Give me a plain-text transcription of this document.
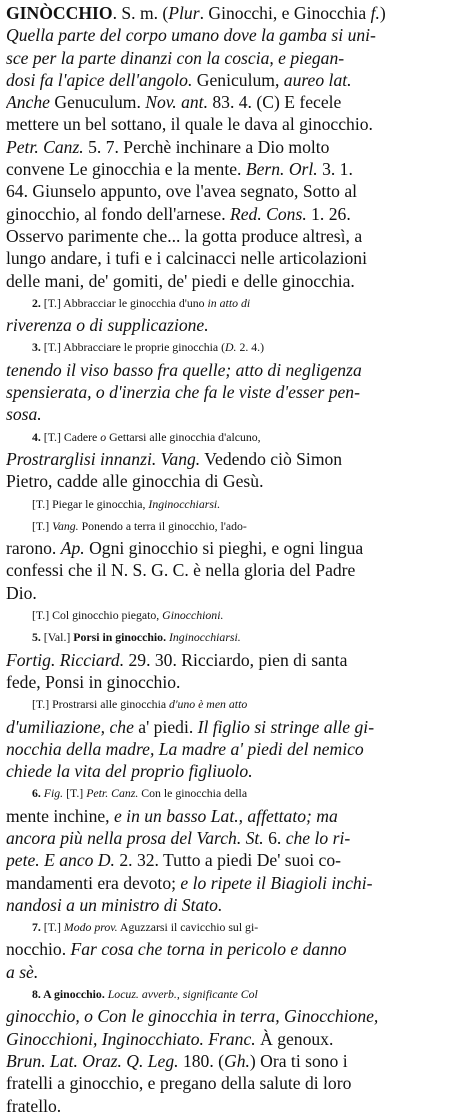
GINÒCCHIO. S. m. (Plur. Ginocchi, e Ginocchia f.)
Quella parte del corpo umano dove la gamba si uni-
sce per la parte dinanzi con la coscia, e piegan-
dosi fa l'apice dell'angolo. Geniculum, aureo lat.
Anche Genuculum. Nov. ant. 83. 4. (C) E fecele
mettere un bel sottano, il quale le dava al ginocchio.
Petr. Canz. 5. 7. Perchè inchinare a Dio molto
convene Le ginocchia e la mente. Bern. Orl. 3. 1.
64. Giunselo appunto, ove l'avea segnato, Sotto al
ginocchio, al fondo dell'arnese. Red. Cons. 1. 26.
Osservo parimente che... la gotta produce altresì, a
lungo andare, i tufi e i calcinacci nelle articolazioni
delle mani, de' gomiti, de' piedi e delle ginocchia.
2. [T.] Abbracciar le ginocchia d'uno in atto di
riverenza o di supplicazione.
3. [T.] Abbracciare le proprie ginocchia (D. 2. 4.)
tenendo il viso basso fra quelle; atto di negligenza
spensierata, o d'inerzia che fa le viste d'esser pen-
sosa.
4. [T.] Cadere o Gettarsi alle ginocchia d'alcuno,
Prostrarglisi innanzi. Vang. Vedendo ciò Simon
Pietro, cadde alle ginocchia di Gesù.
[T.] Piegar le ginocchia, Inginocchiarsi.
[T.] Vang. Ponendo a terra il ginocchio, l'ado-
rarono. Ap. Ogni ginocchio si pieghi, e ogni lingua
confessi che il N. S. G. C. è nella gloria del Padre
Dio.
[T.] Col ginocchio piegato, Ginocchioni.
5. [Val.] Porsi in ginocchio. Inginocchiarsi.
Fortig. Ricciard. 29. 30. Ricciardo, pien di santa
fede, Ponsi in ginocchio.
[T.] Prostrarsi alle ginocchia d'uno è men atto
d'umiliazione, che a' piedi. Il figlio si stringe alle gi-
nocchia della madre, La madre a' piedi del nemico
chiede la vita del proprio figliuolo.
6. Fig. [T.] Petr. Canz. Con le ginocchia della
mente inchine, e in un basso Lat., affettato; ma
ancora più nella prosa del Varch. St. 6. che lo ri-
pete. E anco D. 2. 32. Tutto a piedi De' suoi co-
mandamenti era devoto; e lo ripete il Biagioli inchi-
nandosi a un ministro di Stato.
7. [T.] Modo prov. Aguzzarsi il cavicchio sul gi-
nocchio. Far cosa che torna in pericolo e danno
a sè.
8. A ginocchio. Locuz. avverb., significante Col
ginocchio, o Con le ginocchia in terra, Ginocchione,
Ginocchioni, Inginocchiato. Franc. À genoux.
Brun. Lat. Oraz. Q. Leg. 180. (Gh.) Ora ti sono i
fratelli a ginocchio, e pregano della salute di loro
fratello.
